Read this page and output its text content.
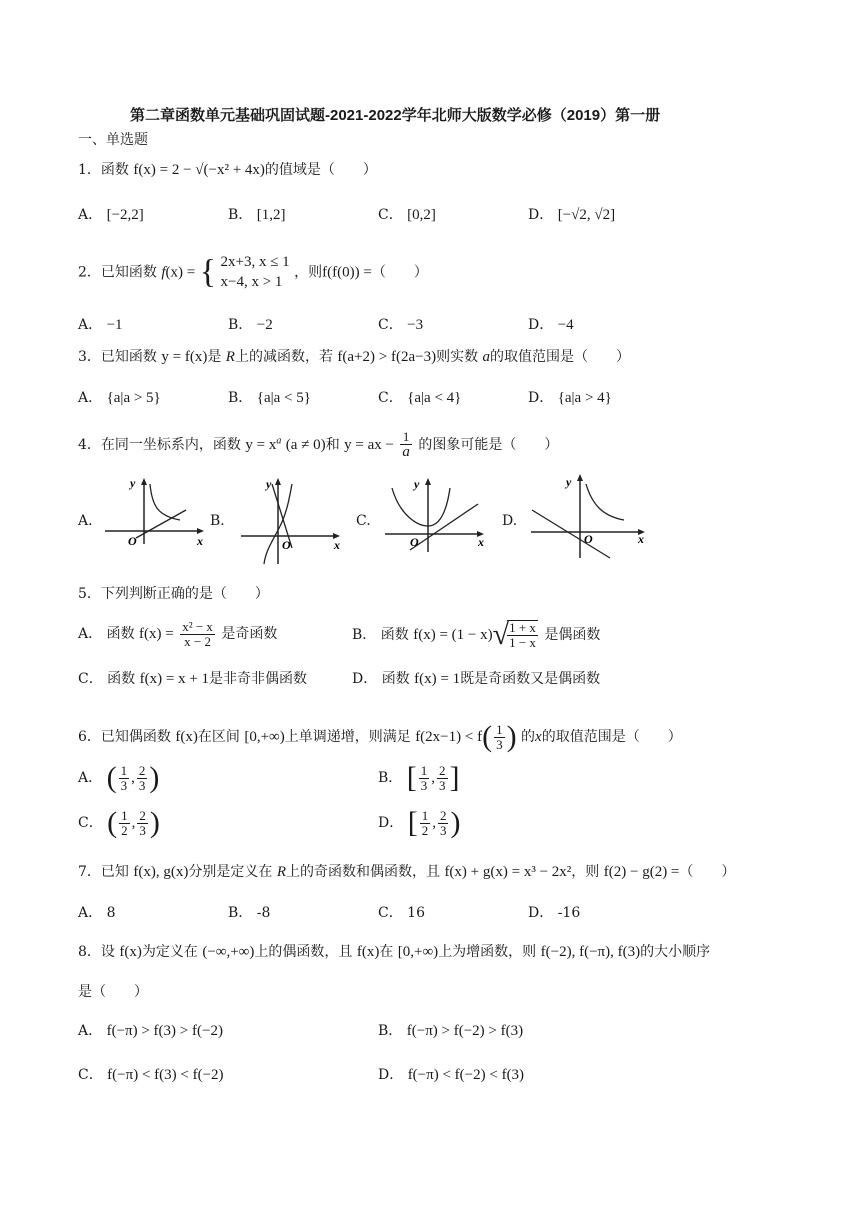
第二章函数单元基础巩固试题-2021-2022学年北师大版数学必修（2019）第一册
一、单选题
1．函数 f(x) = 2 − √(−x² + 4x)的值域是（　　）
A． [−2,2]	B． [1,2]	C． [0,2]	D． [−√2, √2]
2．已知函数 f(x) = { 2x+3, x ≤ 1
x−4, x > 1
，则f(f(0)) =（　　）
A． −1	B． −2	C． −3	D． −4
3．已知函数 y = f(x)是 R上的减函数，若 f(a+2) > f(2a−3)则实数 a的取值范围是（　　）
A． {a|a > 5}	B． {a|a < 5}	C． {a|a < 4}	D． {a|a > 4}
4．在同一坐标系内，函数 $y = x^a$ (a ≠ 0)和 y = ax − $\frac{1}{a}$ 的图象可能是（　　）
A.	B.	C.	D.
y
x
O
y
x
O
y
x
O
y
x
O
5．下列判断正确的是（　　）
A． 函数 $f(x) = \frac{\text{x² − x}}{x - 2}$ 是奇函数	B． 函数 f(x) = (1 − x)√
$\frac{1 + x}{1 - x}$ 是偶函数
C． 函数 f(x) = x + 1是非奇非偶函数	D． 函数 f(x) = 1既是奇函数又是偶函数
6．已知偶函数 f(x)在区间 [0,+∞)上单调递增，则满足 $f(2x-1) < f( \frac{1}{3}$ ) 的x的取值范围是（　　）
A． ( $\frac{1}{3}$ , $\frac{2}{3}$ )	B． [ $\frac{1}{3}$ , $\frac{2}{3}$ ]
C． ( $\frac{1}{2}$ , $\frac{2}{3}$ )	D． [ $\frac{1}{2}$ , $\frac{2}{3}$ )
7．已知 f(x), g(x)分别是定义在 R上的奇函数和偶函数，且 f(x) + g(x) = x³ − 2x²，则 f(2) − g(2) =（　　）
A． 8	B． -8	C． 16	D． -16
8．设 f(x)为定义在 (−∞,+∞)上的偶函数，且 f(x)在 [0,+∞)上为增函数，则 f(−2), f(−π), f(3)的大小顺序
是（　　）
A． f(−π) > f(3) > f(−2)	B． f(−π) > f(−2) > f(3)
C． f(−π) < f(3) < f(−2)	D． f(−π) < f(−2) < f(3)
